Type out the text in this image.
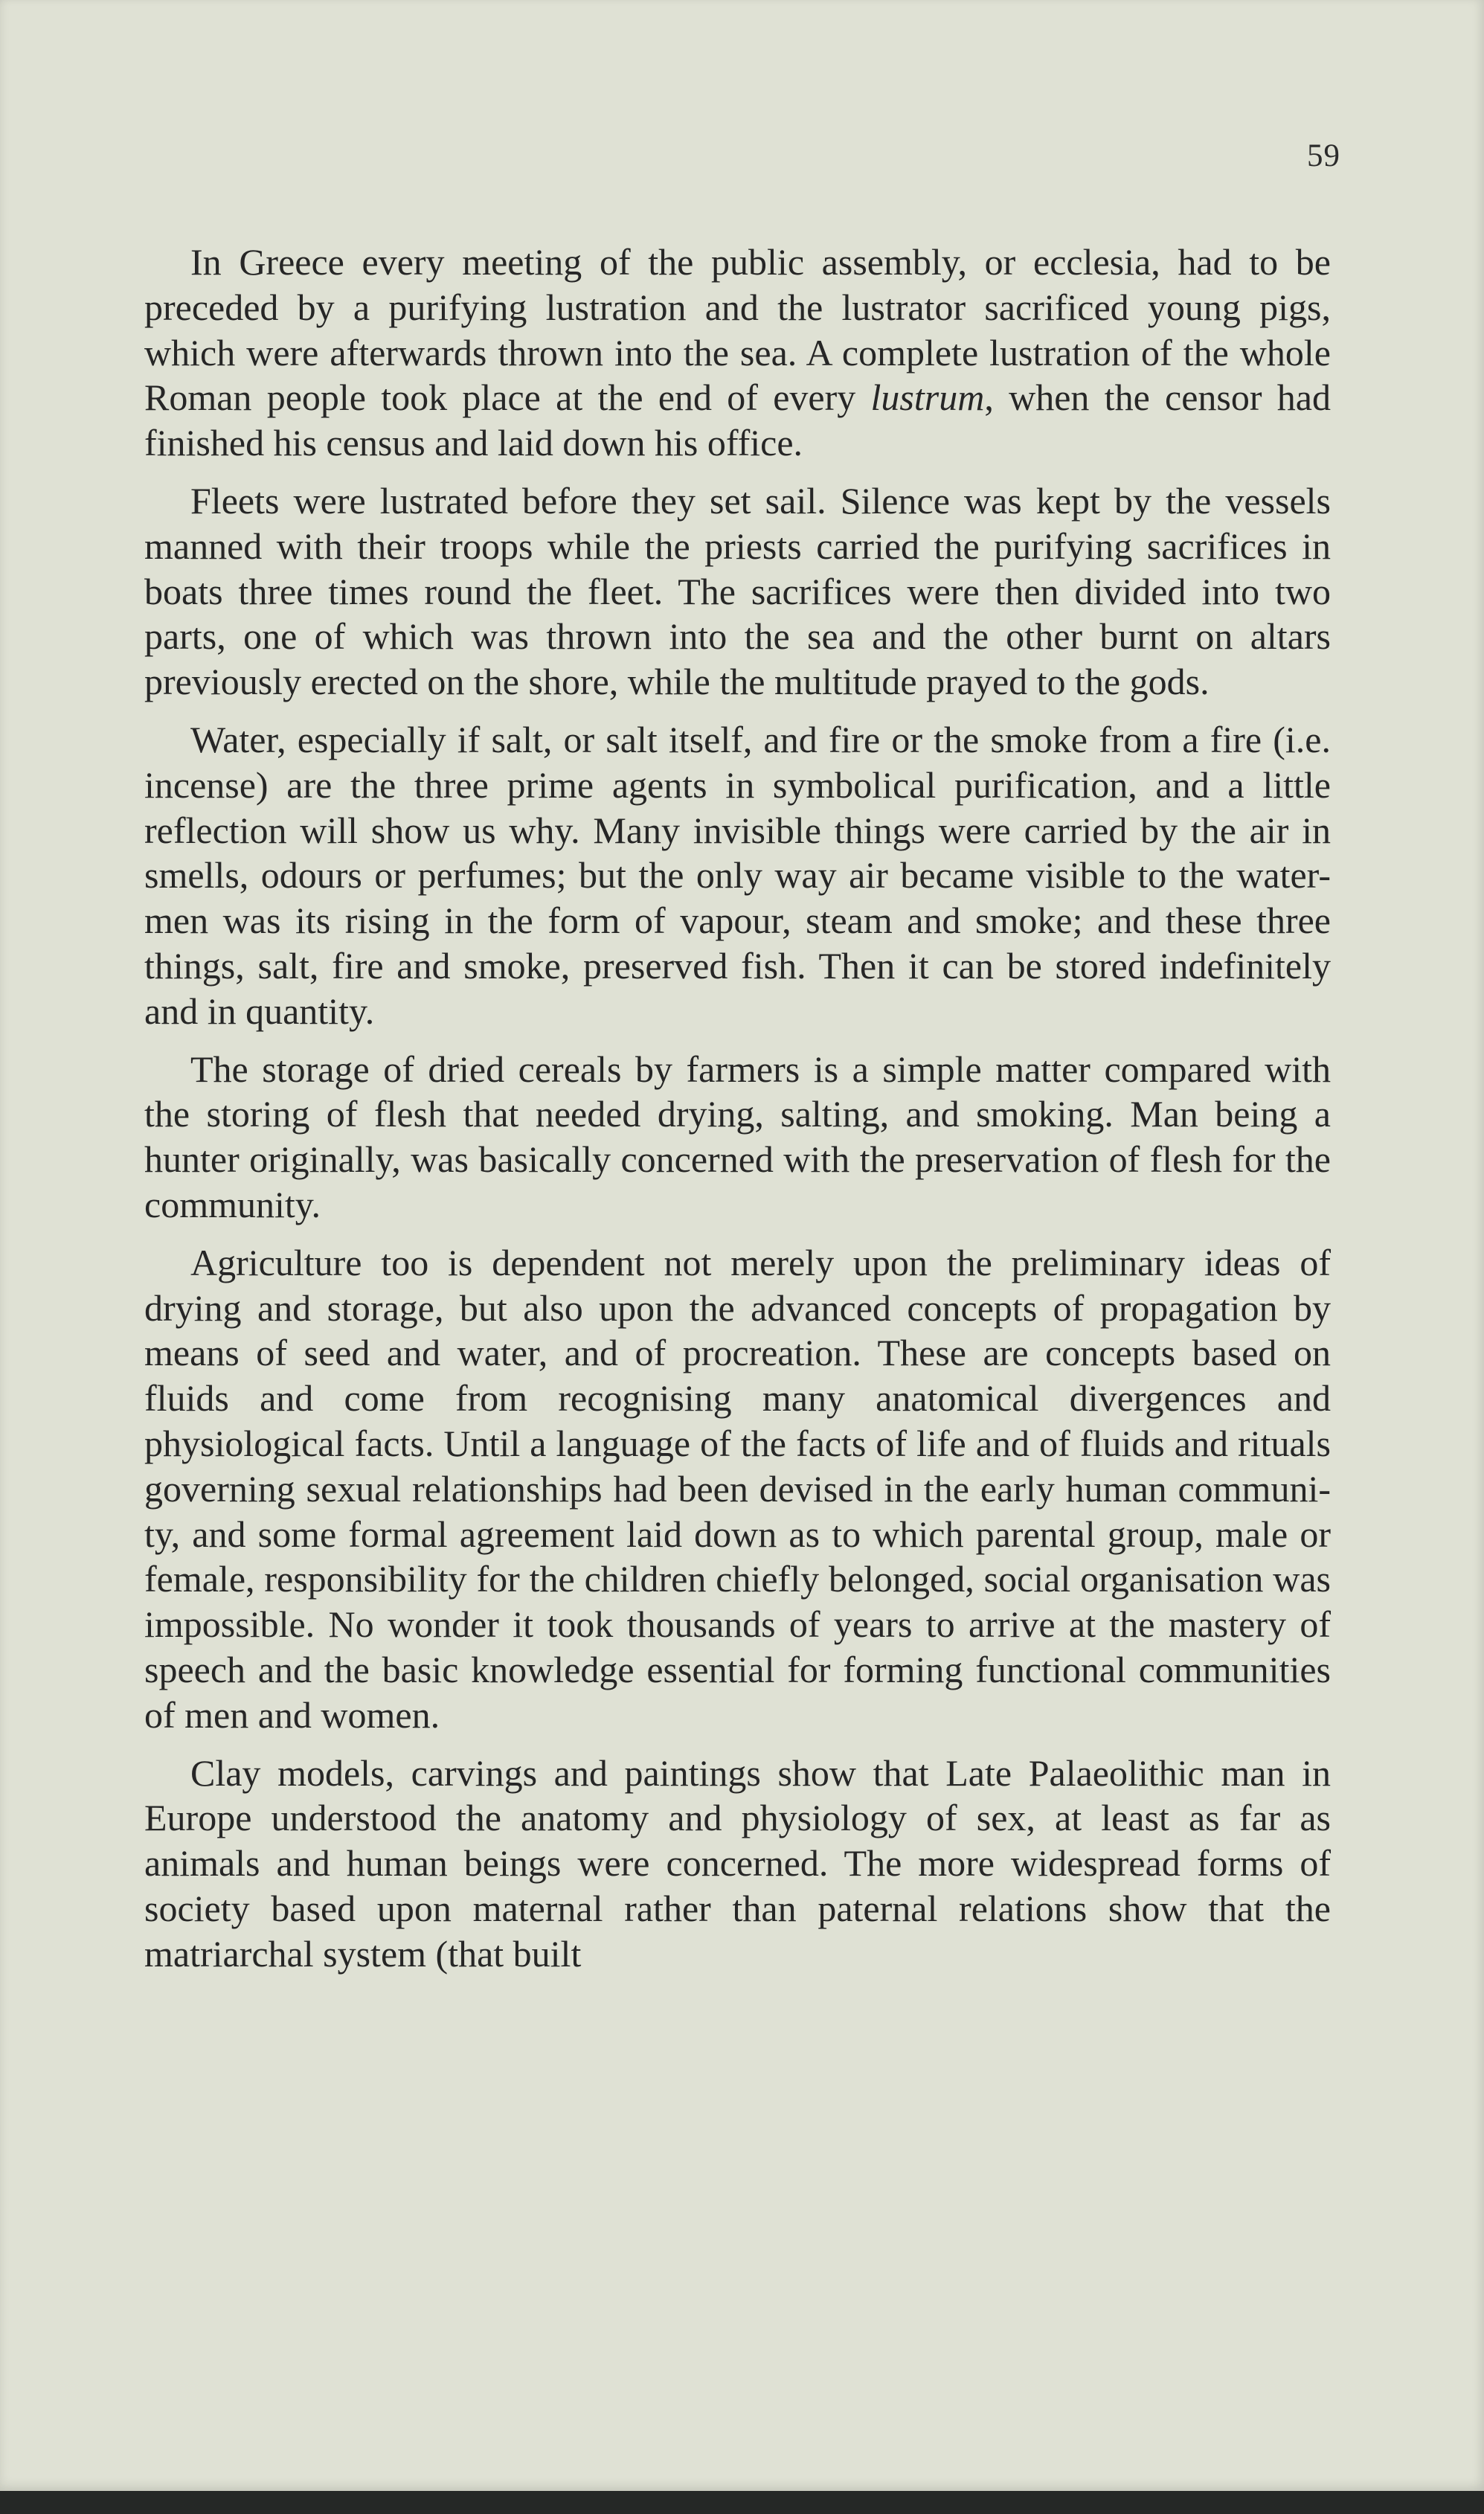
59

In Greece every meeting of the public assembly, or ecclesia, had to be preceded by a purifying lustration and the lustrator sacrificed young pigs, which were afterwards thrown into the sea. A complete lustration of the whole Roman people took place at the end of every lustrum, when the censor had finished his census and laid down his office.

Fleets were lustrated before they set sail. Silence was kept by the vessels manned with their troops while the priests carried the purifying sacrifices in boats three times round the fleet. The sacrifices were then divided into two parts, one of which was thrown into the sea and the other burnt on altars previously erected on the shore, while the multitude prayed to the gods.

Water, especially if salt, or salt itself, and fire or the smoke from a fire (i.e. incense) are the three prime agents in symbolical purification, and a little reflection will show us why. Many invisible things were carried by the air in smells, odours or perfumes; but the only way air became visible to the water-men was its rising in the form of vapour, steam and smoke; and these three things, salt, fire and smoke, preserved fish. Then it can be stored indefinitely and in quantity.

The storage of dried cereals by farmers is a simple matter compared with the storing of flesh that needed drying, salting, and smoking. Man being a hunter originally, was basically concerned with the preservation of flesh for the community.

Agriculture too is dependent not merely upon the preliminary ideas of drying and storage, but also upon the advanced concepts of propagation by means of seed and water, and of procreation. These are concepts based on fluids and come from recognising many anatomical divergences and physiological facts. Until a language of the facts of life and of fluids and rituals governing sexual relationships had been devised in the early human community, and some formal agreement laid down as to which parental group, male or female, responsibility for the children chiefly belonged, social organisation was impossible. No wonder it took thousands of years to arrive at the mastery of speech and the basic knowledge essential for forming functional communities of men and women.

Clay models, carvings and paintings show that Late Palaeolithic man in Europe understood the anatomy and physiology of sex, at least as far as animals and human beings were concerned. The more widespread forms of society based upon maternal rather than paternal relations show that the matriarchal system (that built
